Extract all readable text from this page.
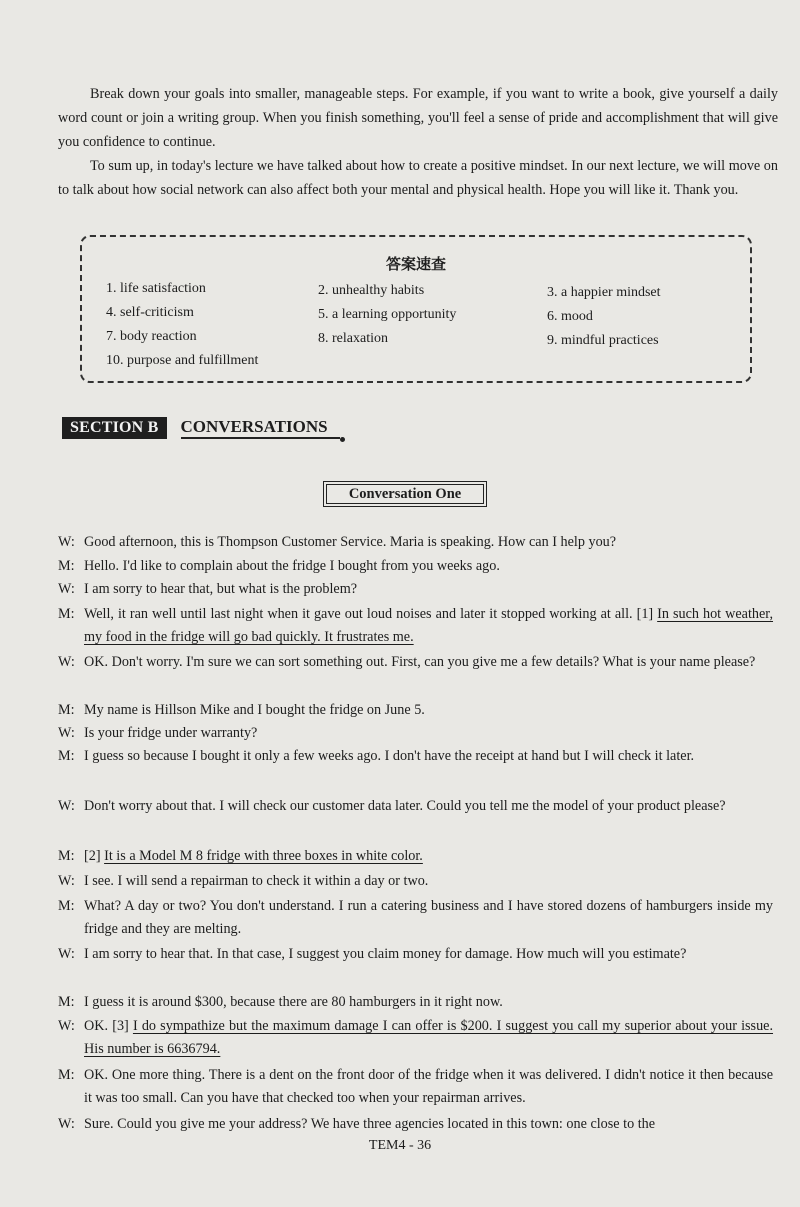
Break down your goals into smaller, manageable steps. For example, if you want to write a book, give yourself a daily word count or join a writing group. When you finish something, you'll feel a sense of pride and accomplishment that will give you confidence to continue.

To sum up, in today's lecture we have talked about how to create a positive mindset. In our next lecture, we will move on to talk about how social network can also affect both your mental and physical health. Hope you will like it. Thank you.

答案速查
1. life satisfaction	2. unhealthy habits	3. a happier mindset
4. self-criticism	5. a learning opportunity	6. mood
7. body reaction	8. relaxation	9. mindful practices
10. purpose and fulfillment
SECTION B	CONVERSATIONS
Conversation One
W: Good afternoon, this is Thompson Customer Service. Maria is speaking. How can I help you?
M: Hello. I'd like to complain about the fridge I bought from you weeks ago.
W: I am sorry to hear that, but what is the problem?
M: Well, it ran well until last night when it gave out loud noises and later it stopped working at all. [1] In such hot weather, my food in the fridge will go bad quickly. It frustrates me.
W: OK. Don't worry. I'm sure we can sort something out. First, can you give me a few details? What is your name please?
M: My name is Hillson Mike and I bought the fridge on June 5.
W: Is your fridge under warranty?
M: I guess so because I bought it only a few weeks ago. I don't have the receipt at hand but I will check it later.
W: Don't worry about that. I will check our customer data later. Could you tell me the model of your product please?
M: [2] It is a Model M 8 fridge with three boxes in white color.
W: I see. I will send a repairman to check it within a day or two.
M: What? A day or two? You don't understand. I run a catering business and I have stored dozens of hamburgers inside my fridge and they are melting.
W: I am sorry to hear that. In that case, I suggest you claim money for damage. How much will you estimate?
M: I guess it is around $300, because there are 80 hamburgers in it right now.
W: OK. [3] I do sympathize but the maximum damage I can offer is $200. I suggest you call my superior about your issue. His number is 6636794.
M: OK. One more thing. There is a dent on the front door of the fridge when it was delivered. I didn't notice it then because it was too small. Can you have that checked too when your repairman arrives.
W: Sure. Could you give me your address? We have three agencies located in this town: one close to the
TEM4 - 36
